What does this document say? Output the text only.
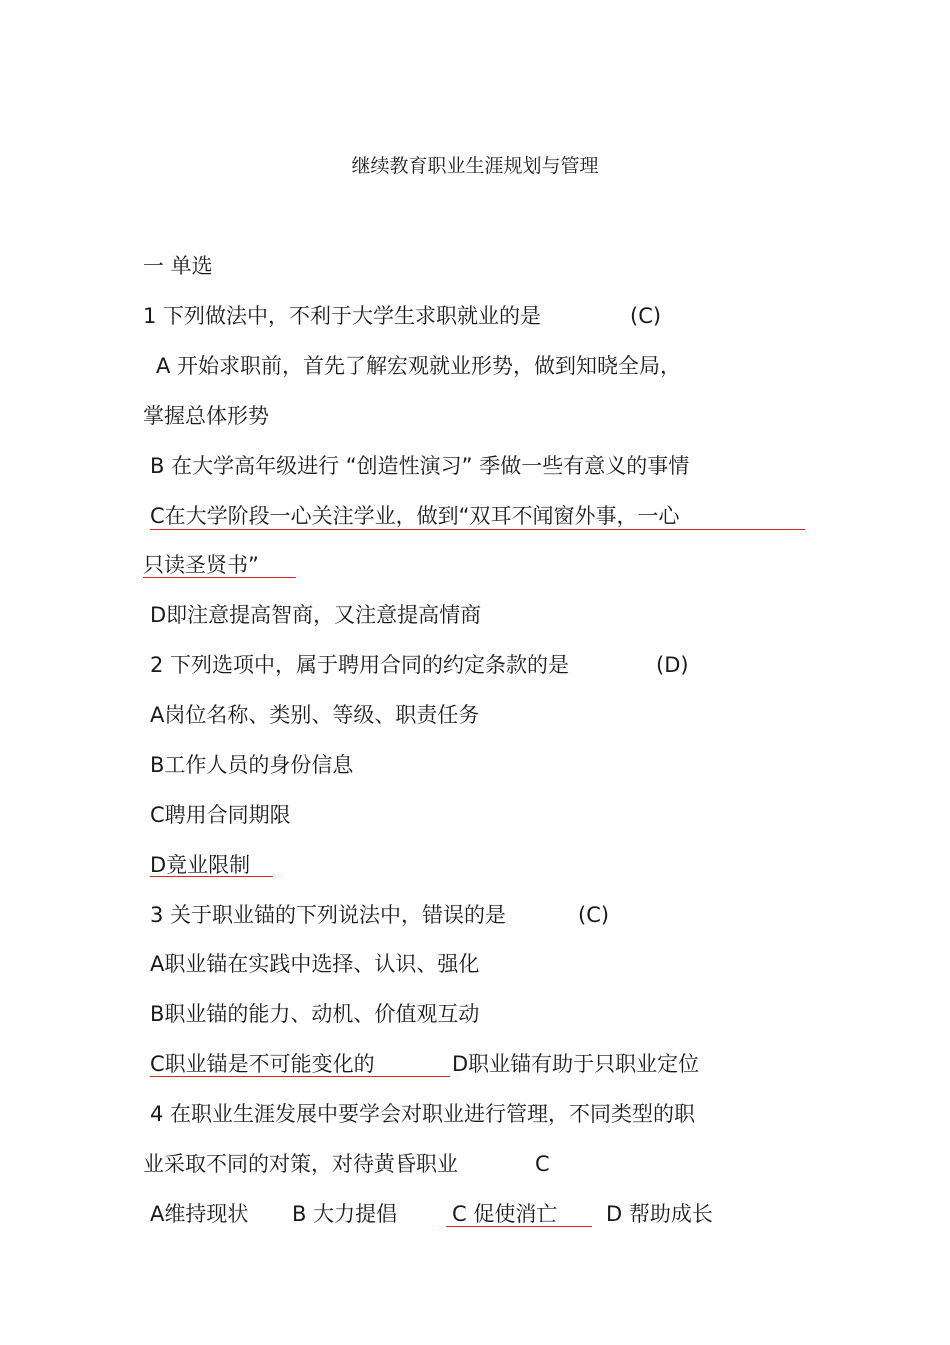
继续教育职业生涯规划与管理
一 单选
1 下列做法中，不利于大学生求职就业的是	(C)
A 开始求职前，首先了解宏观就业形势，做到知晓全局，
掌握总体形势
B 在大学高年级进行 “创造性演习” 季做一些有意义的事情
C在大学阶段一心关注学业，做到“双耳不闻窗外事，一心
只读圣贤书”
D即注意提高智商，又注意提高情商
2 下列选项中，属于聘用合同的约定条款的是	(D)
A岗位名称、类别、等级、职责任务
B工作人员的身份信息
C聘用合同期限
D竟业限制
3 关于职业锚的下列说法中，错误的是	(C)
A职业锚在实践中选择、认识、强化
B职业锚的能力、动机、价值观互动
C职业锚是不可能变化的	D职业锚有助于只职业定位
4 在职业生涯发展中要学会对职业进行管理，不同类型的职
业采取不同的对策，对待黄昏职业	C
A维持现状 B 大力提倡	C 促使消亡 D 帮助成长
